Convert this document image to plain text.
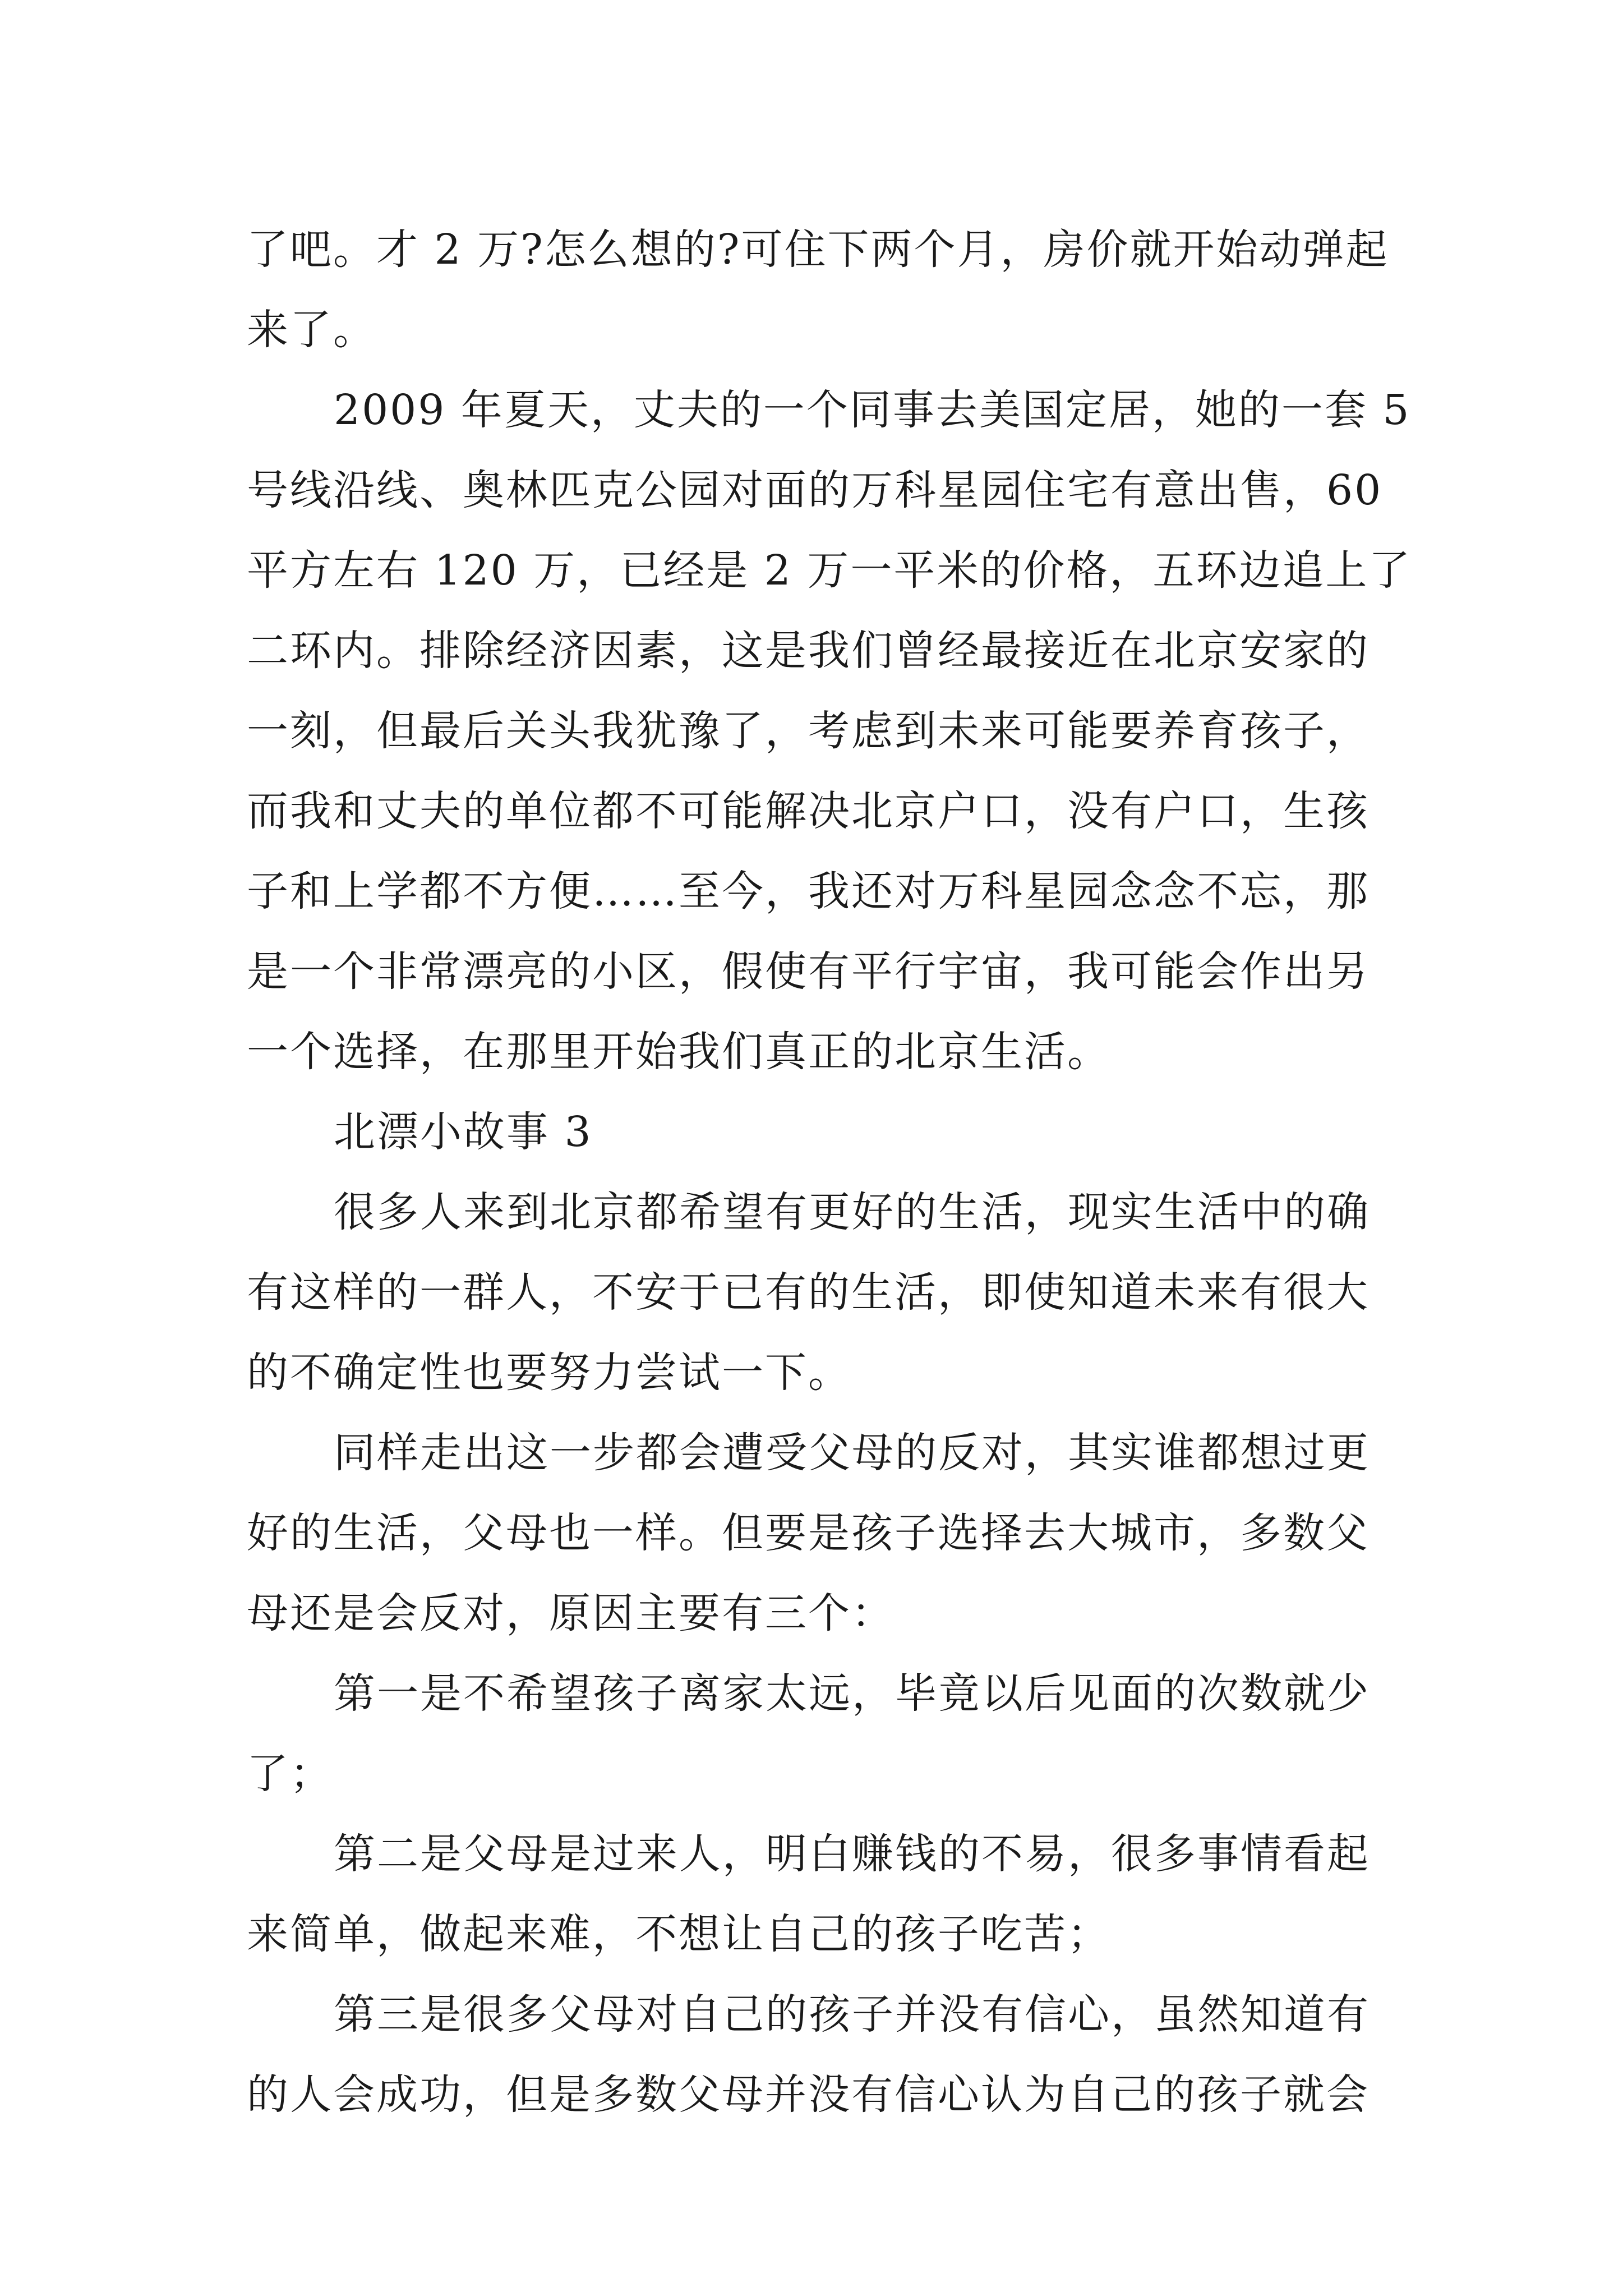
了吧。才 2 万?怎么想的?可住下两个月，房价就开始动弹起
来了。
2009 年夏天，丈夫的一个同事去美国定居，她的一套 5
号线沿线、奥林匹克公园对面的万科星园住宅有意出售，60
平方左右 120 万，已经是 2 万一平米的价格，五环边追上了
二环内。排除经济因素，这是我们曾经最接近在北京安家的
一刻，但最后关头我犹豫了，考虑到未来可能要养育孩子，
而我和丈夫的单位都不可能解决北京户口，没有户口，生孩
子和上学都不方便……至今，我还对万科星园念念不忘，那
是一个非常漂亮的小区，假使有平行宇宙，我可能会作出另
一个选择，在那里开始我们真正的北京生活。
北漂小故事 3
很多人来到北京都希望有更好的生活，现实生活中的确
有这样的一群人，不安于已有的生活，即使知道未来有很大
的不确定性也要努力尝试一下。
同样走出这一步都会遭受父母的反对，其实谁都想过更
好的生活，父母也一样。但要是孩子选择去大城市，多数父
母还是会反对，原因主要有三个：
第一是不希望孩子离家太远，毕竟以后见面的次数就少
了；
第二是父母是过来人，明白赚钱的不易，很多事情看起
来简单，做起来难，不想让自己的孩子吃苦；
第三是很多父母对自己的孩子并没有信心，虽然知道有
的人会成功，但是多数父母并没有信心认为自己的孩子就会
